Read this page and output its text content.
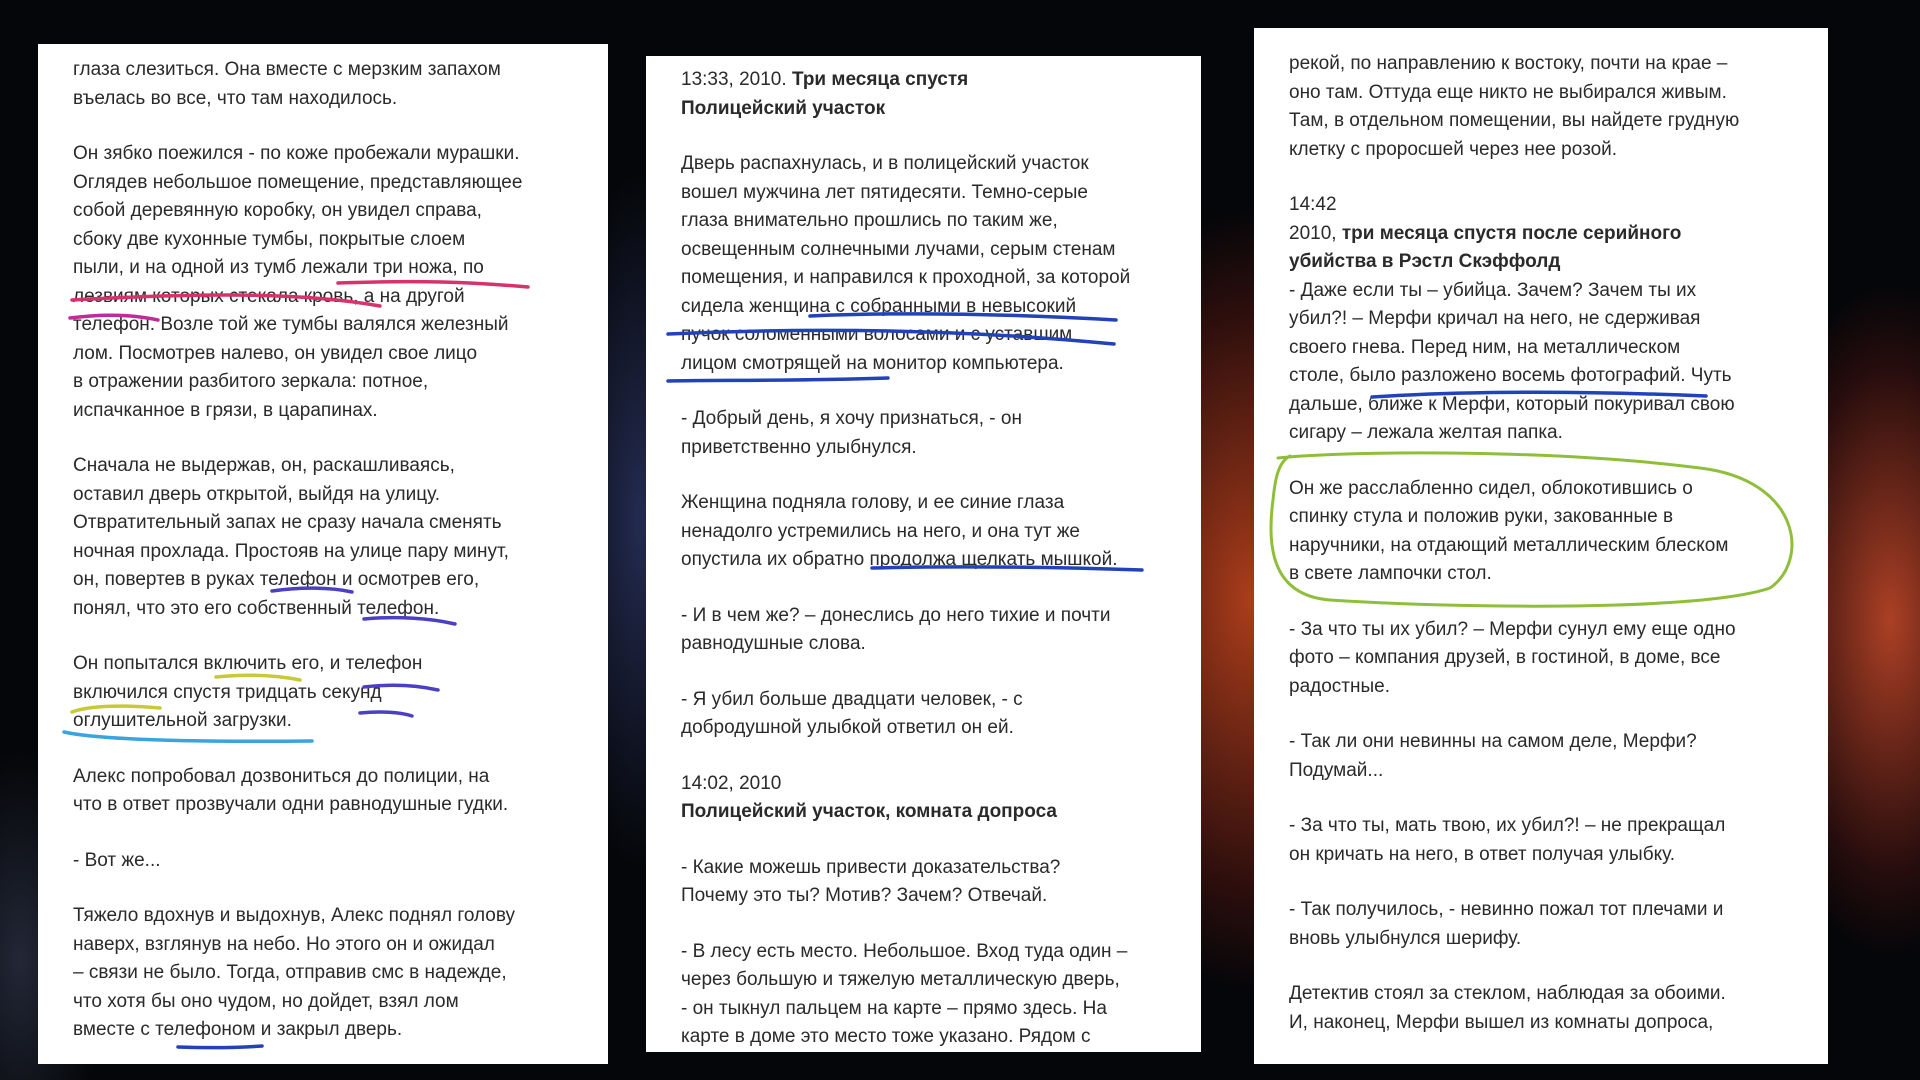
глаза слезиться. Она вместе с мерзким запахом
въелась во все, что там находилось.
Он зябко поежился - по коже пробежали мурашки.
Оглядев небольшое помещение, представляющее
собой деревянную коробку, он увидел справа,
сбоку две кухонные тумбы, покрытые слоем
пыли, и на одной из тумб лежали три ножа, по
лезвиям которых стекала кровь, а на другой
телефон. Возле той же тумбы валялся железный
лом. Посмотрев налево, он увидел свое лицо
в отражении разбитого зеркала: потное,
испачканное в грязи, в царапинах.
Сначала не выдержав, он, раскашливаясь,
оставил дверь открытой, выйдя на улицу.
Отвратительный запах не сразу начала сменять
ночная прохлада. Простояв на улице пару минут,
он, повертев в руках телефон и осмотрев его,
понял, что это его собственный телефон.
Он попытался включить его, и телефон
включился спустя тридцать секунд
оглушительной загрузки.
Алекс попробовал дозвониться до полиции, на
что в ответ прозвучали одни равнодушные гудки.
- Вот же...
Тяжело вдохнув и выдохнув, Алекс поднял голову
наверх, взглянув на небо. Но этого он и ожидал
– связи не было. Тогда, отправив смс в надежде,
что хотя бы оно чудом, но дойдет, взял лом
вместе с телефоном и закрыл дверь.
13:33, 2010. Три месяца спустя
Полицейский участок
Дверь распахнулась, и в полицейский участок
вошел мужчина лет пятидесяти. Темно-серые
глаза внимательно прошлись по таким же,
освещенным солнечными лучами, серым стенам
помещения, и направился к проходной, за которой
сидела женщина с собранными в невысокий
пучок соломенными волосами и с уставшим
лицом смотрящей на монитор компьютера.
- Добрый день, я хочу признаться, - он
приветственно улыбнулся.
Женщина подняла голову, и ее синие глаза
ненадолго устремились на него, и она тут же
опустила их обратно продолжа щелкать мышкой.
- И в чем же? – донеслись до него тихие и почти
равнодушные слова.
- Я убил больше двадцати человек, - с
добродушной улыбкой ответил он ей.
14:02, 2010
Полицейский участок, комната допроса
- Какие можешь привести доказательства?
Почему это ты? Мотив? Зачем? Отвечай.
- В лесу есть место. Небольшое. Вход туда один –
через большую и тяжелую металлическую дверь,
- он тыкнул пальцем на карте – прямо здесь. На
карте в доме это место тоже указано. Рядом с
рекой, по направлению к востоку, почти на крае –
оно там. Оттуда еще никто не выбирался живым.
Там, в отдельном помещении, вы найдете грудную
клетку с проросшей через нее розой.
14:42
2010, три месяца спустя после серийного
убийства в Рэстл Скэффолд
- Даже если ты – убийца. Зачем? Зачем ты их
убил?! – Мерфи кричал на него, не сдерживая
своего гнева. Перед ним, на металлическом
столе, было разложено восемь фотографий. Чуть
дальше, ближе к Мерфи, который покуривал свою
сигару – лежала желтая папка.
Он же расслабленно сидел, облокотившись о
спинку стула и положив руки, закованные в
наручники, на отдающий металлическим блеском
в свете лампочки стол.
- За что ты их убил? – Мерфи сунул ему еще одно
фото – компания друзей, в гостиной, в доме, все
радостные.
- Так ли они невинны на самом деле, Мерфи?
Подумай...
- За что ты, мать твою, их убил?! – не прекращал
он кричать на него, в ответ получая улыбку.
- Так получилось, - невинно пожал тот плечами и
вновь улыбнулся шерифу.
Детектив стоял за стеклом, наблюдая за обоими.
И, наконец, Мерфи вышел из комнаты допроса,
